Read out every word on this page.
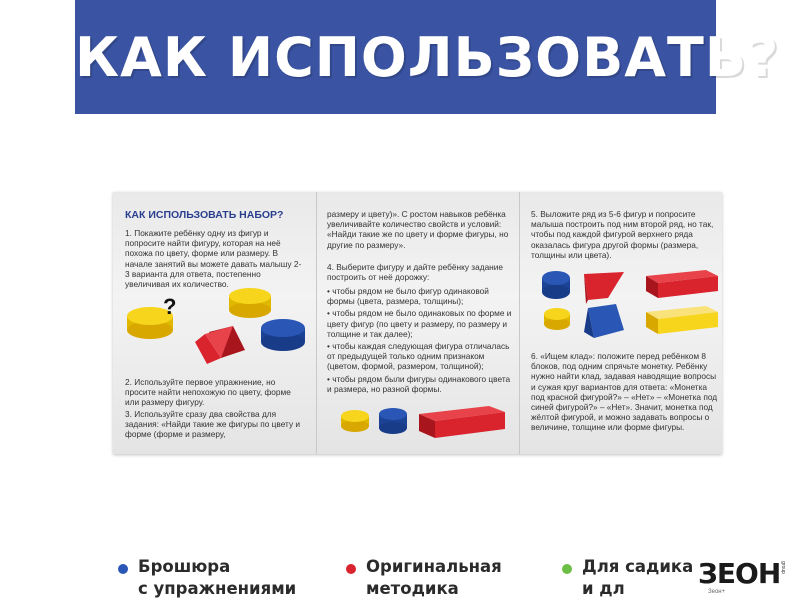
КАК ИСПОЛЬЗОВАТЬ?
КАК ИСПОЛЬЗОВАТЬ НАБОР?
1. Покажите ребёнку одну из фигур и попросите найти фигуру, которая на неё похожа по цвету, форме или размеру. В начале занятий вы можете давать малышу 2-3 варианта для ответа, постепенно увеличивая их количество.
?
2. Используйте первое упражнение, но просите найти непохожую по цвету, форме или размеру фигуру.
3. Используйте сразу два свойства для задания: «Найди такие же фигуры по цвету и форме (форме и размеру,
размеру и цвету)». С ростом навыков ребёнка увеличивайте количество свойств и условий: «Найди такие же по цвету и форме фигуры, но другие по размеру».
4. Выберите фигуру и дайте ребёнку задание построить от неё дорожку:
• чтобы рядом не было фигур одинаковой формы (цвета, размера, толщины);
• чтобы рядом не было одинаковых по форме и цвету фигур (по цвету и размеру, по размеру и толщине и так далее);
• чтобы каждая следующая фигура отличалась от предыдущей только одним признаком (цветом, формой, размером, толщиной);
• чтобы рядом были фигуры одинакового цвета и размера, но разной формы.
5. Выложите ряд из 5-6 фигур и попросите малыша построить под ним второй ряд, но так, чтобы под каждой фигурой верхнего ряда оказалась фигура другой формы (размера, толщины или цвета).
6. «Ищем клад»: положите перед ребёнком 8 блоков, под одним спрячьте монетку. Ребёнку нужно найти клад, задавая наводящие вопросы и сужая круг вариантов для ответа: «Монетка под красной фигурой?» – «Нет» – «Монетка под синей фигурой?» – «Нет». Значит, монетка под жёлтой фигурой, и можно задавать вопросы о величине, толщине или форме фигуры.
Брошюра
с упражнениями
Оригинальная
методика
Для садика
и дл	ЗЕОН
Зеон+
group
